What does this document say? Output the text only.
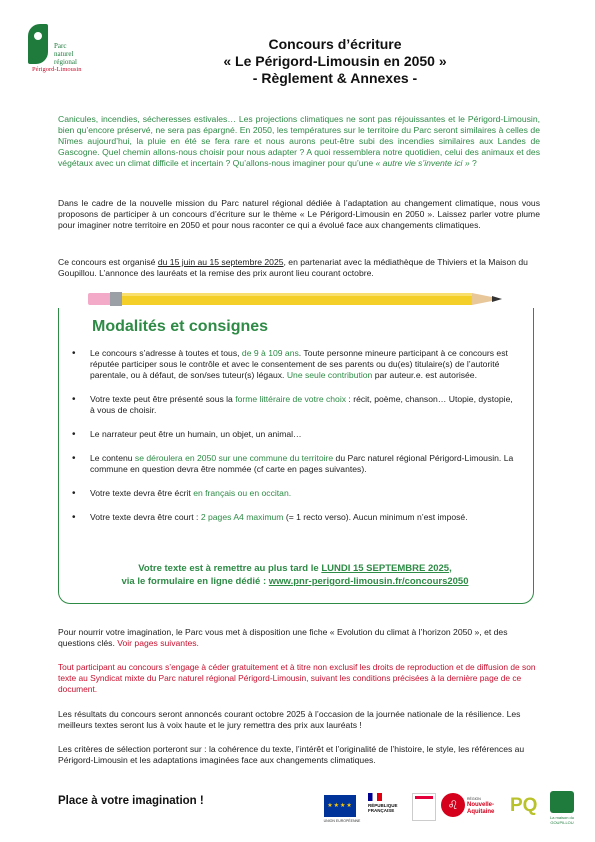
Parc
naturel
régional
Périgord-Limousin
Concours d’écriture
« Le Périgord-Limousin en 2050 »
- Règlement & Annexes -

Canicules, incendies, sécheresses estivales… Les projections climatiques ne sont pas réjouissantes et le Périgord-Limousin, bien qu’encore préservé, ne sera pas épargné. En 2050, les températures sur le territoire du Parc seront similaires à celles de Nîmes aujourd’hui, la pluie en été se fera rare et nous aurons peut-être subi des incendies similaires aux Landes de Gascogne. Quel chemin allons-nous choisir pour nous adapter ? A quoi ressemblera notre quotidien, celui des animaux et des végétaux avec un climat difficile et incertain ? Qu’allons-nous imaginer pour qu’une « autre vie s’invente ici » ?

Dans le cadre de la nouvelle mission du Parc naturel régional dédiée à l’adaptation au changement climatique, nous vous proposons de participer à un concours d’écriture sur le thème « Le Périgord-Limousin en 2050 ». Laissez parler votre plume pour imaginer notre territoire en 2050 et pour nous raconter ce qui a évolué face aux changements climatiques.

Ce concours est organisé du 15 juin au 15 septembre 2025, en partenariat avec la médiathèque de Thiviers et la Maison du Goupillou. L’annonce des lauréats et la remise des prix auront lieu courant octobre.

Modalités et consignes
• Le concours s’adresse à toutes et tous, de 9 à 109 ans. Toute personne mineure participant à ce concours est réputée participer sous le contrôle et avec le consentement de ses parents ou du(es) titulaire(s) de l’autorité parentale, ou à défaut, de son/ses tuteur(s) légaux. Une seule contribution par auteur.e. est autorisée.
• Votre texte peut être présenté sous la forme littéraire de votre choix : récit, poème, chanson… Utopie, dystopie, à vous de choisir.
• Le narrateur peut être un humain, un objet, un animal…
• Le contenu se déroulera en 2050 sur une commune du territoire du Parc naturel régional Périgord-Limousin. La commune en question devra être nommée (cf carte en pages suivantes).
• Votre texte devra être écrit en français ou en occitan.
• Votre texte devra être court : 2 pages A4 maximum (= 1 recto verso). Aucun minimum n’est imposé.

Votre texte est à remettre au plus tard le LUNDI 15 SEPTEMBRE 2025,

via le formulaire en ligne dédié : www.pnr-perigord-limousin.fr/concours2050

Pour nourrir votre imagination, le Parc vous met à disposition une fiche « Evolution du climat à l’horizon 2050 », et des questions clés. Voir pages suivantes.

Tout participant au concours s’engage à céder gratuitement et à titre non exclusif les droits de reproduction et de diffusion de son texte au Syndicat mixte du Parc naturel régional Périgord-Limousin, suivant les conditions précisées à la dernière page de ce document.

Les résultats du concours seront annoncés courant octobre 2025 à l’occasion de la journée nationale de la résilience. Les meilleurs textes seront lus à voix haute et le jury remettra des prix aux lauréats !

Les critères de sélection porteront sur : la cohérence du texte, l’intérêt et l’originalité de l’histoire, le style, les références au Périgord-Limousin et les adaptations imaginées face aux changements climatiques.

Place à votre imagination !	★★★★
UNION EUROPÉENNE
RÉPUBLIQUE
FRANÇAISE	♌	RÉGION
Nouvelle-
Aquitaine PQ
La maison du
GOUPILLOU
